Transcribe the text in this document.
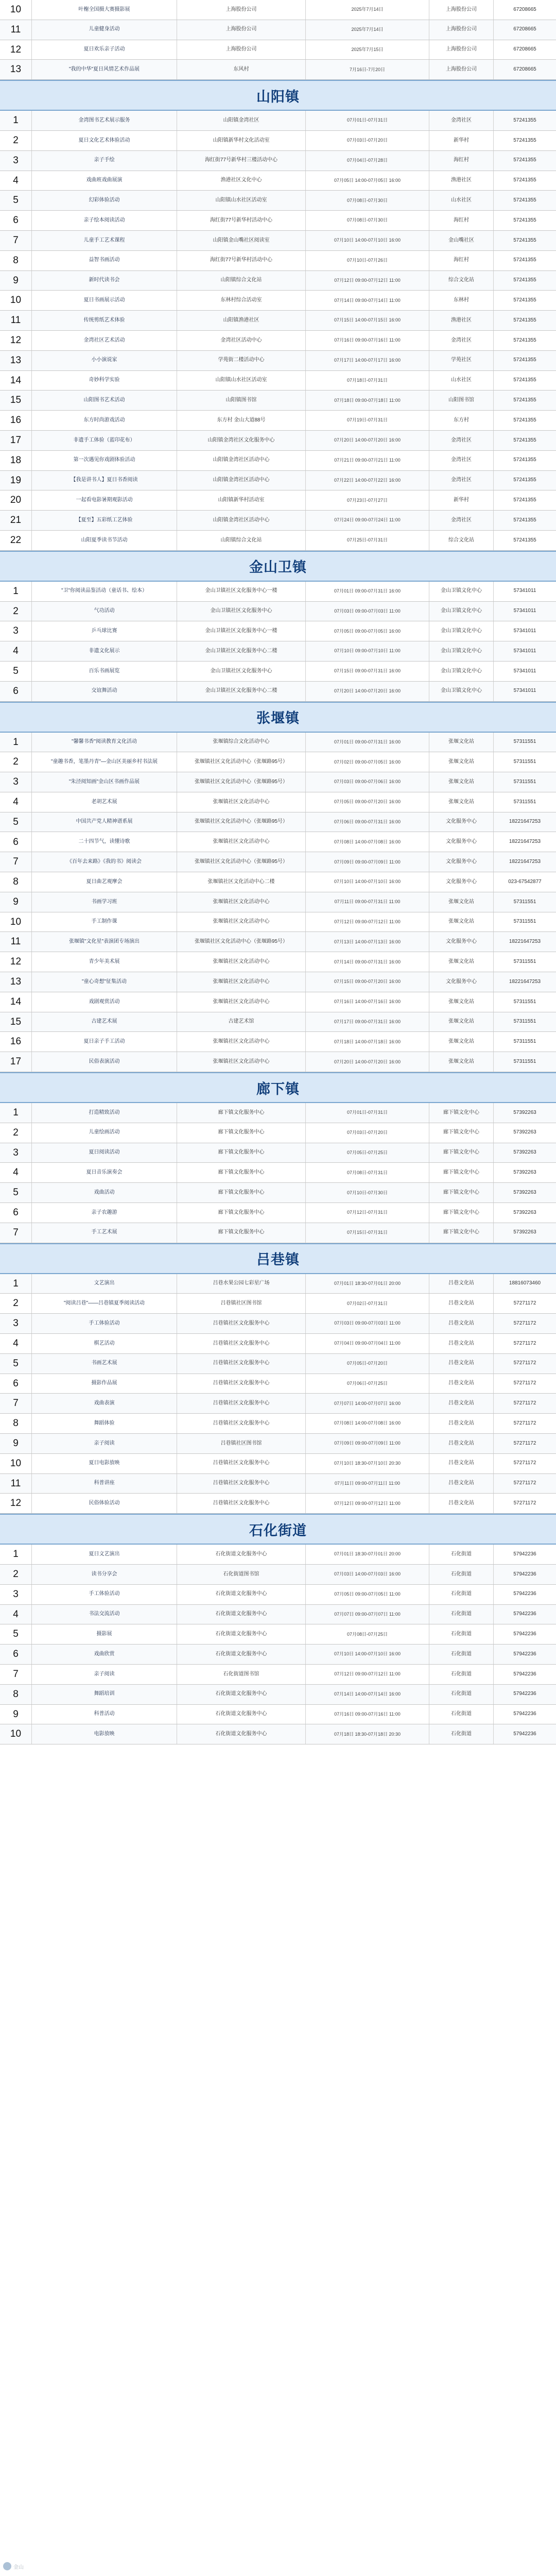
10	叶榭全国摄大赛摄影展	上海股份公司	2025年7月14日	上海股份公司	67208665
11	儿童健身活动	上海股份公司	2025年7月14日	上海股份公司	67208665
12	夏日欢乐亲子活动	上海股份公司	2025年7月15日	上海股份公司	67208665
13	"我的中华"夏日风情艺术作品展	东风村	7月16日-7月20日	上海股份公司	67208665
山阳镇
1	金湾图书艺术展示服务	山阳镇金湾社区	07月01日-07月31日	金湾社区	57241355
2	夏日文化艺术体验活动	山阳镇新华村文化活动室	07月03日-07月20日	新华村	57241355
3	亲子手绘	海红街77号新华村三楼活动中心	07月04日-07月28日	海红村	57241355
4	戏曲班戏曲展演	渔港社区文化中心	07月05日 14:00-07月05日 16:00	渔港社区	57241355
5	幻彩体验活动	山阳镇山水社区活动室	07月08日-07月30日	山水社区	57241355
6	亲子绘本阅读活动	海红街77号新华村活动中心	07月08日-07月30日	海红村	57241355
7	儿童手工艺术课程	山阳镇金山嘴社区阅读室	07月10日 14:00-07月10日 16:00	金山嘴社区	57241355
8	益智书画活动	海红街77号新华村活动中心	07月10日-07月26日	海红村	57241355
9	新时代读书会	山阳镇综合文化站	07月12日 09:00-07月12日 11:00	综合文化站	57241355
10	夏日书画展示活动	东林村综合活动室	07月14日 09:00-07月14日 11:00	东林村	57241355
11	传统剪纸艺术体验	山阳镇渔港社区	07月15日 14:00-07月15日 16:00	渔港社区	57241355
12	金湾社区艺术活动	金湾社区活动中心	07月16日 09:00-07月16日 11:00	金湾社区	57241355
13	小小演说家	学苑街二楼活动中心	07月17日 14:00-07月17日 16:00	学苑社区	57241355
14	奇妙科学实验	山阳镇山水社区活动室	07月18日-07月31日	山水社区	57241355
15	山阳图书艺术活动	山阳镇图书馆	07月18日 09:00-07月18日 11:00	山阳图书馆	57241355
16	东方时尚游戏活动	东方村 金山大道88号	07月19日-07月31日	东方村	57241355
17	非遗手工体验（蓝印花布）	山阳镇金湾社区文化服务中心	07月20日 14:00-07月20日 16:00	金湾社区	57241355
18	第一次遇见你戏剧体验活动	山阳镇金湾社区活动中心	07月21日 09:00-07月21日 11:00	金湾社区	57241355
19	【我是讲书人】夏日书香阅读	山阳镇金湾社区活动中心	07月22日 14:00-07月22日 16:00	金湾社区	57241355
20	一起看电影暑期观影活动	山阳镇新华村活动室	07月23日-07月27日	新华村	57241355
21	【夏至】五彩纸工艺体验	山阳镇金湾社区活动中心	07月24日 09:00-07月24日 11:00	金湾社区	57241355
22	山阳夏季读书节活动	山阳镇综合文化站	07月25日-07月31日	综合文化站	57241355
金山卫镇
1	"卫"你阅读品鉴活动（童话书、绘本）	金山卫镇社区文化服务中心一楼	07月01日 09:00-07月31日 16:00	金山卫镇文化中心	57341011
2	气功活动	金山卫镇社区文化服务中心	07月03日 09:00-07月03日 11:00	金山卫镇文化中心	57341011
3	乒乓球比赛	金山卫镇社区文化服务中心一楼	07月05日 09:00-07月05日 16:00	金山卫镇文化中心	57341011
4	非遗文化展示	金山卫镇社区文化服务中心二楼	07月10日 09:00-07月10日 11:00	金山卫镇文化中心	57341011
5	百乐书画展览	金山卫镇社区文化服务中心	07月15日 09:00-07月31日 16:00	金山卫镇文化中心	57341011
6	交谊舞活动	金山卫镇社区文化服务中心二楼	07月20日 14:00-07月20日 16:00	金山卫镇文化中心	57341011
张堰镇
1	"馨馨书香"阅读教育文化活动	张堰镇综合文化活动中心	07月01日 09:00-07月31日 16:00	张堰文化站	57311551
2	"童趣书香，笔墨丹青"—金山区美丽乡村书法展	张堰镇社区文化活动中心（张堰路95号）	07月02日 09:00-07月05日 16:00	张堰文化站	57311551
3	"朱泾阅知画"金山区书画作品展	张堰镇社区文化活动中心（张堰路95号）	07月03日 09:00-07月06日 16:00	张堰文化站	57311551
4	老胡艺术展	张堰镇社区文化活动中心	07月05日 09:00-07月20日 16:00	张堰文化站	57311551
5	中国共产党人精神谱系展	张堰镇社区文化活动中心（张堰路95号）	07月06日 09:00-07月31日 16:00	文化服务中心	18221647253
6	二十四节气，读懂诗歌	张堰镇社区文化活动中心	07月08日 14:00-07月08日 16:00	文化服务中心	18221647253
7	《百年去来路》《我的书》阅读会	张堰镇社区文化活动中心（张堰路95号）	07月09日 09:00-07月09日 11:00	文化服务中心	18221647253
8	夏日曲艺观摩会	张堰镇社区文化活动中心二楼	07月10日 14:00-07月10日 16:00	文化服务中心	023-67542877
9	书画学习班	张堰镇社区文化活动中心	07月11日 09:00-07月31日 11:00	张堰文化站	57311551
10	手工制作课	张堰镇社区文化活动中心	07月12日 09:00-07月12日 11:00	张堰文化站	57311551
11	张堰镇"文化星"表演团专场演出	张堰镇社区文化活动中心（张堰路95号）	07月13日 14:00-07月13日 16:00	文化服务中心	18221647253
12	青少年美术展	张堰镇社区文化活动中心	07月14日 09:00-07月31日 16:00	张堰文化站	57311551
13	"童心奇想"征集活动	张堰镇社区文化活动中心	07月15日 09:00-07月20日 16:00	文化服务中心	18221647253
14	戏剧观赏活动	张堰镇社区文化活动中心	07月16日 14:00-07月16日 16:00	张堰文化站	57311551
15	古建艺术展	古建艺术馆	07月17日 09:00-07月31日 16:00	张堰文化站	57311551
16	夏日亲子手工活动	张堰镇社区文化活动中心	07月18日 14:00-07月18日 16:00	张堰文化站	57311551
17	民俗表演活动	张堰镇社区文化活动中心	07月20日 14:00-07月20日 16:00	张堰文化站	57311551
廊下镇
1	打造精致活动	廊下镇文化服务中心	07月01日-07月31日	廊下镇文化中心	57392263
2	儿童绘画活动	廊下镇文化服务中心	07月03日-07月20日	廊下镇文化中心	57392263
3	夏日阅读活动	廊下镇文化服务中心	07月05日-07月25日	廊下镇文化中心	57392263
4	夏日音乐演奏会	廊下镇文化服务中心	07月08日-07月31日	廊下镇文化中心	57392263
5	戏曲活动	廊下镇文化服务中心	07月10日-07月30日	廊下镇文化中心	57392263
6	亲子农趣游	廊下镇文化服务中心	07月12日-07月31日	廊下镇文化中心	57392263
7	手工艺术展	廊下镇文化服务中心	07月15日-07月31日	廊下镇文化中心	57392263
吕巷镇
1	文艺演出	吕巷水果公园七彩星广场	07月01日 18:30-07月01日 20:00	吕巷文化站	18816073460
2	"阅读吕巷"——吕巷镇夏季阅读活动	吕巷镇社区图书馆	07月02日-07月31日	吕巷文化站	57271172
3	手工体验活动	吕巷镇社区文化服务中心	07月03日 09:00-07月03日 11:00	吕巷文化站	57271172
4	棋艺活动	吕巷镇社区文化服务中心	07月04日 09:00-07月04日 11:00	吕巷文化站	57271172
5	书画艺术展	吕巷镇社区文化服务中心	07月05日-07月20日	吕巷文化站	57271172
6	摄影作品展	吕巷镇社区文化服务中心	07月06日-07月25日	吕巷文化站	57271172
7	戏曲表演	吕巷镇社区文化服务中心	07月07日 14:00-07月07日 16:00	吕巷文化站	57271172
8	舞蹈体验	吕巷镇社区文化服务中心	07月08日 14:00-07月08日 16:00	吕巷文化站	57271172
9	亲子阅读	吕巷镇社区图书馆	07月09日 09:00-07月09日 11:00	吕巷文化站	57271172
10	夏日电影放映	吕巷镇社区文化服务中心	07月10日 18:30-07月10日 20:30	吕巷文化站	57271172
11	科普讲座	吕巷镇社区文化服务中心	07月11日 09:00-07月11日 11:00	吕巷文化站	57271172
12	民俗体验活动	吕巷镇社区文化服务中心	07月12日 09:00-07月12日 11:00	吕巷文化站	57271172
石化街道
1	夏日文艺演出	石化街道文化服务中心	07月01日 18:30-07月01日 20:00	石化街道	57942236
2	读书分享会	石化街道图书馆	07月03日 14:00-07月03日 16:00	石化街道	57942236
3	手工体验活动	石化街道文化服务中心	07月05日 09:00-07月05日 11:00	石化街道	57942236
4	书法交流活动	石化街道文化服务中心	07月07日 09:00-07月07日 11:00	石化街道	57942236
5	摄影展	石化街道文化服务中心	07月08日-07月25日	石化街道	57942236
6	戏曲欣赏	石化街道文化服务中心	07月10日 14:00-07月10日 16:00	石化街道	57942236
7	亲子阅读	石化街道图书馆	07月12日 09:00-07月12日 11:00	石化街道	57942236
8	舞蹈培训	石化街道文化服务中心	07月14日 14:00-07月14日 16:00	石化街道	57942236
9	科普活动	石化街道文化服务中心	07月16日 09:00-07月16日 11:00	石化街道	57942236
10	电影放映	石化街道文化服务中心	07月18日 18:30-07月18日 20:30	石化街道	57942236
金山
